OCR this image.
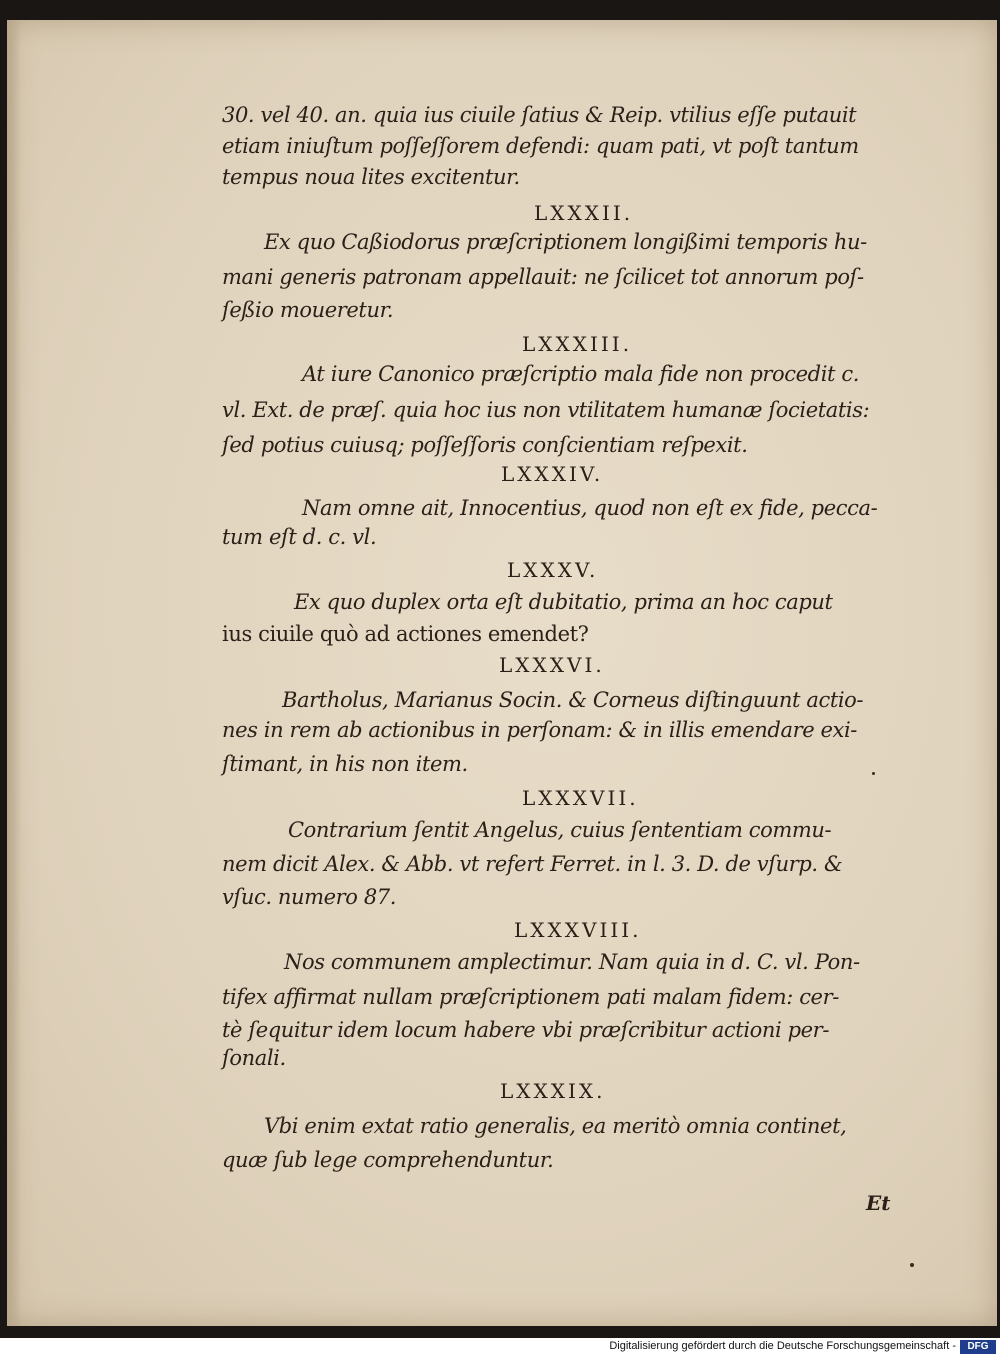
30. vel 40. an. quia ius ciuile ſatius & Reip. vtilius eſſe putauit
etiam iniuſtum poſſeſſorem defendi: quam pati, vt poſt tantum
tempus noua lites excitentur.
LXXXII.
Ex quo Caßiodorus præſcriptionem longißimi temporis hu-
mani generis patronam appellauit: ne ſcilicet tot annorum poſ-
ſeßio moueretur.
LXXXIII.
At iure Canonico præſcriptio mala fide non procedit c.
vl. Ext. de præſ. quia hoc ius non vtilitatem humanæ ſocietatis:
ſed potius cuiusq; poſſeſſoris conſcientiam reſpexit.
LXXXIV.
Nam omne ait, Innocentius, quod non eſt ex fide, pecca-
tum eſt d. c. vl.
LXXXV.
Ex quo duplex orta eſt dubitatio, prima an hoc caput
ius ciuile quò ad actiones emendet?
LXXXVI.
Bartholus, Marianus Socin. & Corneus diſtinguunt actio-
nes in rem ab actionibus in perſonam: & in illis emendare exi-
ſtimant, in his non item.
LXXXVII.
Contrarium ſentit Angelus, cuius ſententiam commu-
nem dicit Alex. & Abb. vt refert Ferret. in l. 3. D. de vſurp. &
vſuc. numero 87.
LXXXVIII.
Nos communem amplectimur. Nam quia in d. C. vl. Pon-
tifex affirmat nullam præſcriptionem pati malam fidem: cer-
tè ſequitur idem locum habere vbi præſcribitur actioni per-
ſonali.
LXXXIX.
Vbi enim extat ratio generalis, ea meritò omnia continet,
quæ ſub lege comprehenduntur.
Et
Digitalisierung gefördert durch die Deutsche Forschungsgemeinschaft -	DFG
